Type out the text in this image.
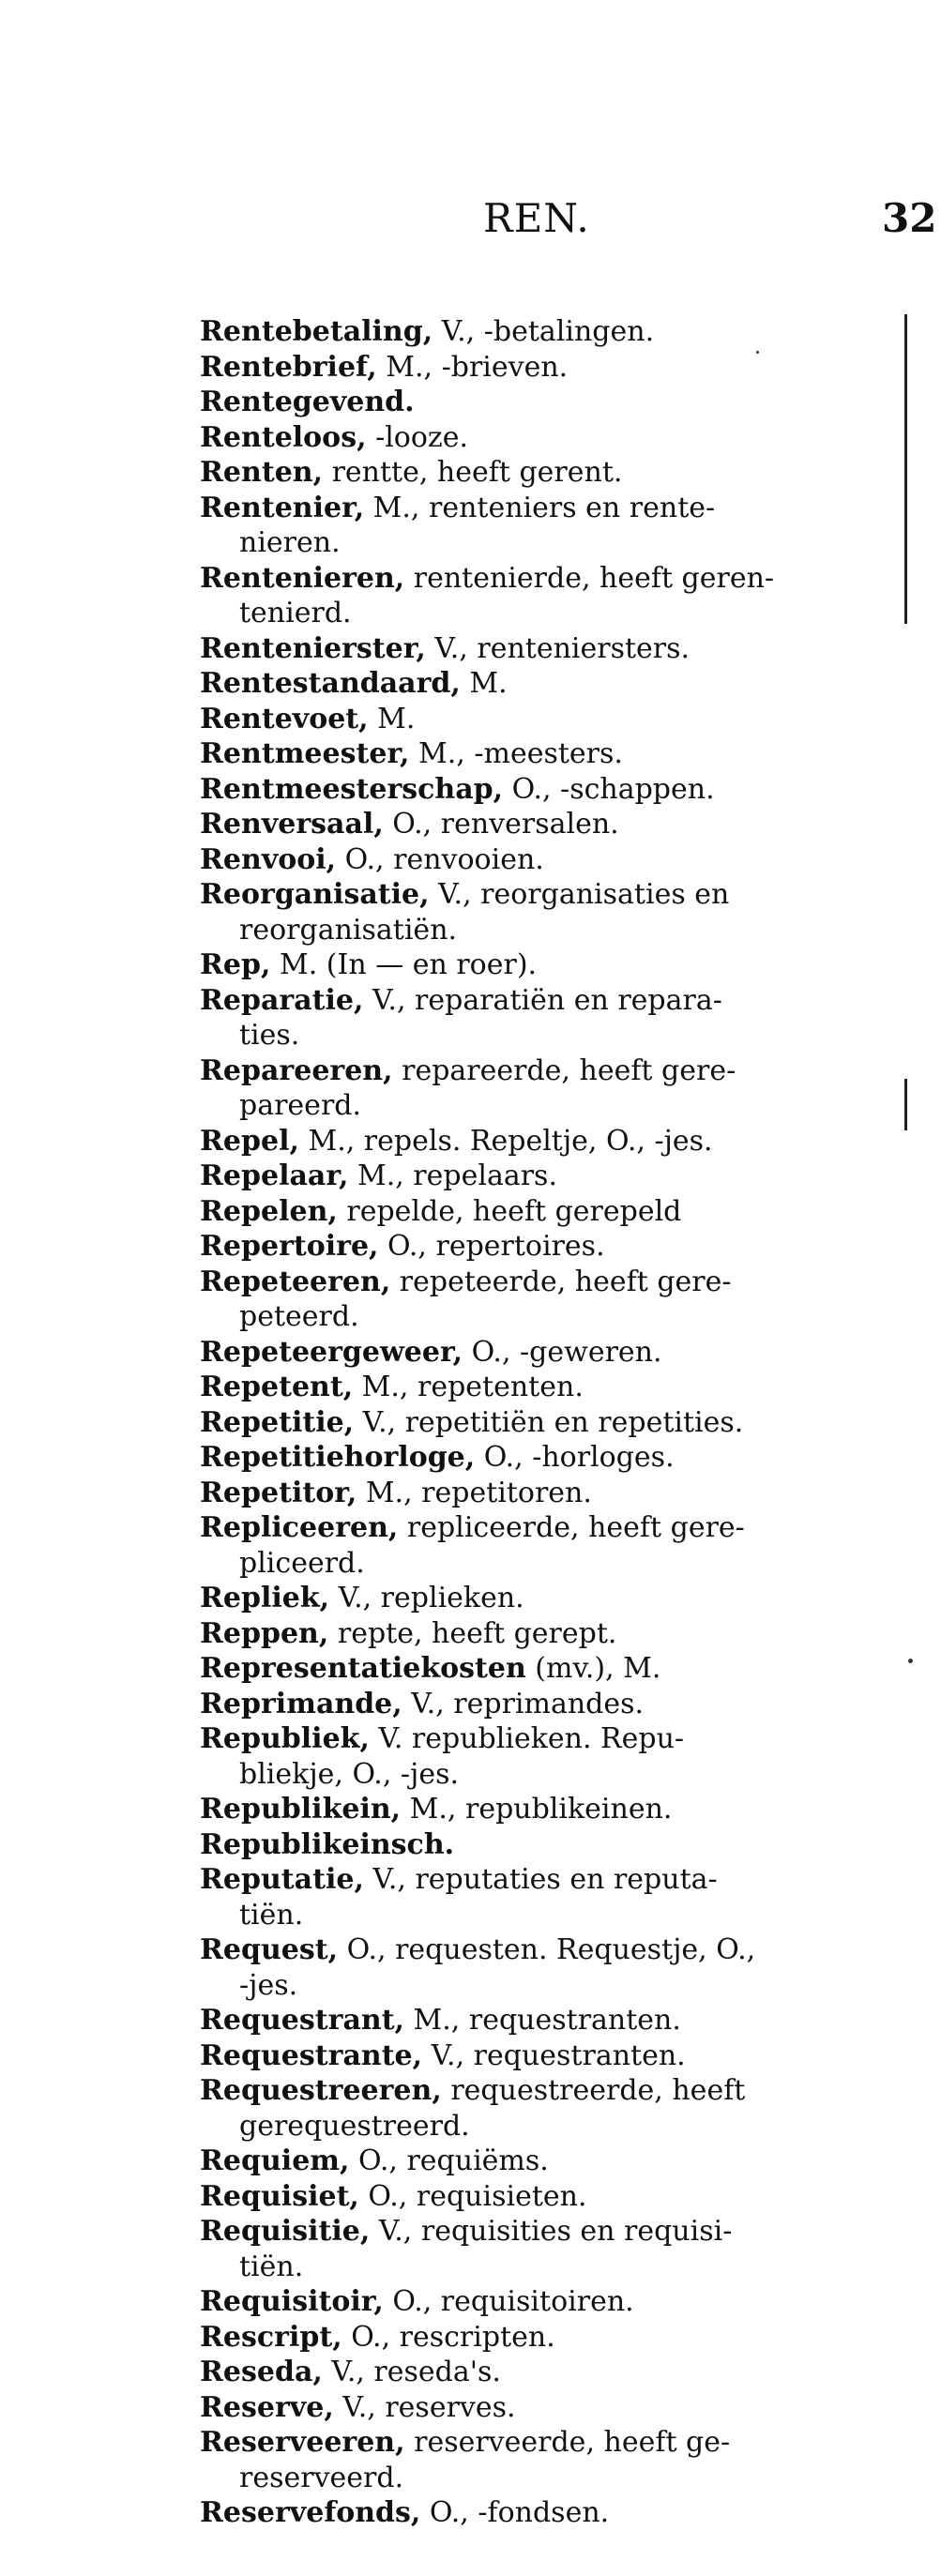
REN.	32
Rentebetaling, V., -betalingen.
Rentebrief, M., -brieven.
Rentegevend.
Renteloos, -looze.
Renten, rentte, heeft gerent.
Rentenier, M., renteniers en rente-
nieren.
Rentenieren, rentenierde, heeft geren-
tenierd.
Rentenierster, V., renteniersters.
Rentestandaard, M.
Rentevoet, M.
Rentmeester, M., -meesters.
Rentmeesterschap, O., -schappen.
Renversaal, O., renversalen.
Renvooi, O., renvooien.
Reorganisatie, V., reorganisaties en
reorganisatiën.
Rep, M. (In — en roer).
Reparatie, V., reparatiën en repara-
ties.
Repareeren, repareerde, heeft gere-
pareerd.
Repel, M., repels. Repeltje, O., -jes.
Repelaar, M., repelaars.
Repelen, repelde, heeft gerepeld
Repertoire, O., repertoires.
Repeteeren, repeteerde, heeft gere-
peteerd.
Repeteergeweer, O., -geweren.
Repetent, M., repetenten.
Repetitie, V., repetitiën en repetities.
Repetitiehorloge, O., -horloges.
Repetitor, M., repetitoren.
Repliceeren, repliceerde, heeft gere-
pliceerd.
Repliek, V., replieken.
Reppen, repte, heeft gerept.
Representatiekosten (mv.), M.
Reprimande, V., reprimandes.
Republiek, V. republieken. Repu-
bliekje, O., -jes.
Republikein, M., republikeinen.
Republikeinsch.
Reputatie, V., reputaties en reputa-
tiën.
Request, O., requesten. Requestje, O.,
-jes.
Requestrant, M., requestranten.
Requestrante, V., requestranten.
Requestreeren, requestreerde, heeft
gerequestreerd.
Requiem, O., requiëms.
Requisiet, O., requisieten.
Requisitie, V., requisities en requisi-
tiën.
Requisitoir, O., requisitoiren.
Rescript, O., rescripten.
Reseda, V., reseda's.
Reserve, V., reserves.
Reserveeren, reserveerde, heeft ge-
reserveerd.
Reservefonds, O., -fondsen.
